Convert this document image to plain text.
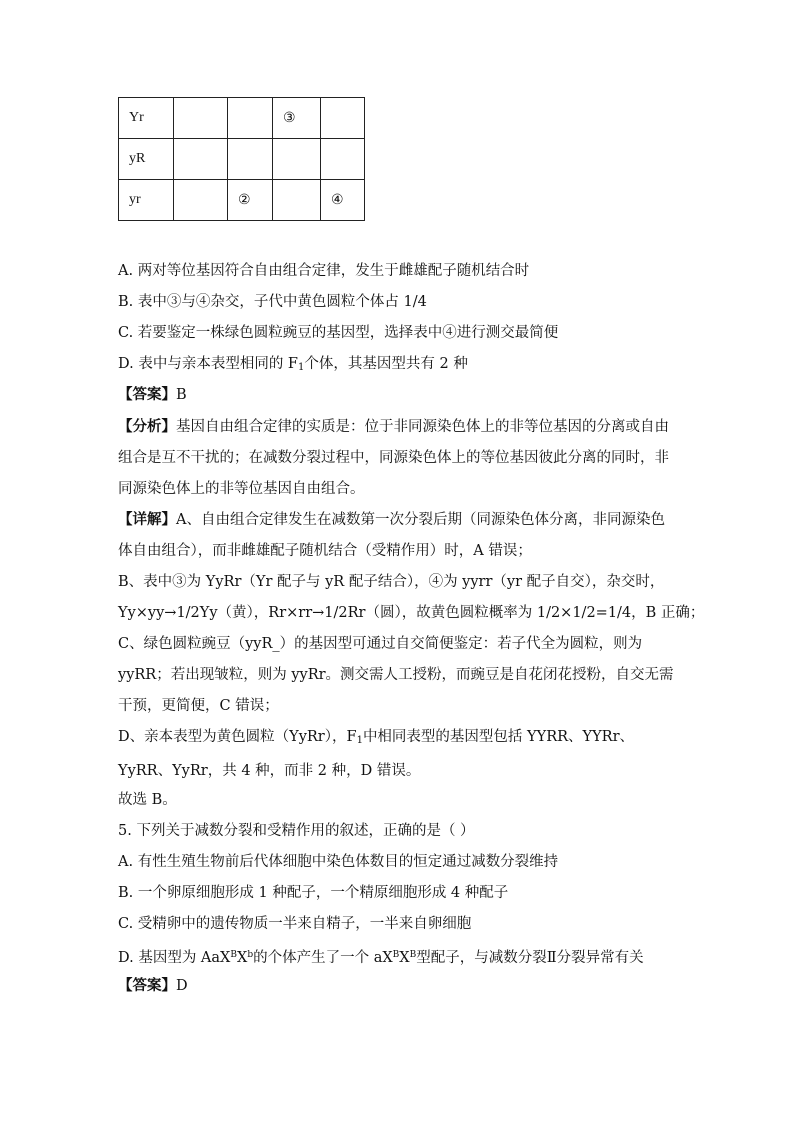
Yr			③	
yR				
yr		②		④
A. 两对等位基因符合自由组合定律，发生于雌雄配子随机结合时
B. 表中③与④杂交，子代中黄色圆粒个体占 1/4
C. 若要鉴定一株绿色圆粒豌豆的基因型，选择表中④进行测交最简便
D. 表中与亲本表型相同的 $F_1$个体，其基因型共有 2 种
【答案】B
【分析】基因自由组合定律的实质是：位于非同源染色体上的非等位基因的分离或自由组合是互不干扰的；在减数分裂过程中，同源染色体上的等位基因彼此分离的同时，非同源染色体上的非等位基因自由组合。
【详解】A、自由组合定律发生在减数第一次分裂后期（同源染色体分离，非同源染色体自由组合），而非雌雄配子随机结合（受精作用）时，A 错误；
B、表中③为 YyRr（Yr 配子与 yR 配子结合），④为 yyrr（yr 配子自交），杂交时，
Yy×yy→1/2Yy（黄），Rr×rr→1/2Rr（圆），故黄色圆粒概率为 1/2×1/2=1/4，B 正确；
C、绿色圆粒豌豆（yyR_）的基因型可通过自交简便鉴定：若子代全为圆粒，则为 yyRR；若出现皱粒，则为 yyRr。测交需人工授粉，而豌豆是自花闭花授粉，自交无需干预，更简便，C 错误；
D、亲本表型为黄色圆粒（YyRr），$F_1$中相同表型的基因型包括 YYRR、YYRr、YyRR、YyRr，共 4 种，而非 2 种，D 错误。
故选 B。
5. 下列关于减数分裂和受精作用的叙述，正确的是（ ）
A. 有性生殖生物前后代体细胞中染色体数目的恒定通过减数分裂维持
B. 一个卵原细胞形成 1 种配子，一个精原细胞形成 4 种配子
C. 受精卵中的遗传物质一半来自精子，一半来自卵细胞
D. 基因型为 $AaX^BX^b$的个体产生了一个 $aX^BX^B$型配子，与减数分裂Ⅱ分裂异常有关
【答案】D
